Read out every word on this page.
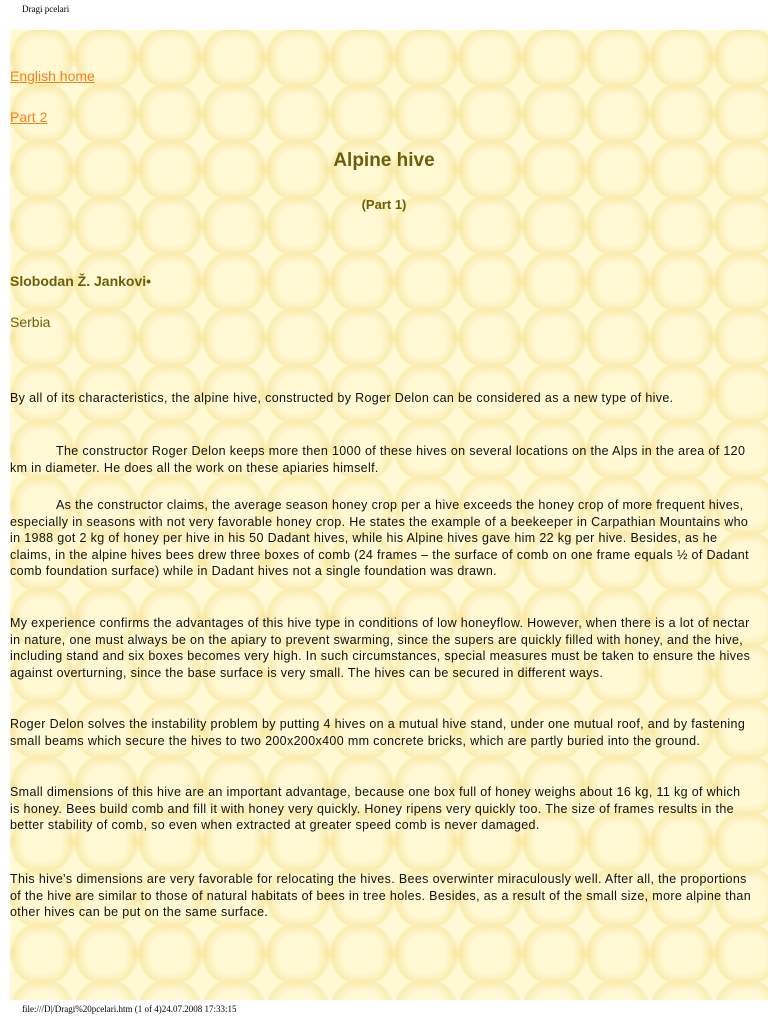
Dragi pcelari
English home
Part 2
Alpine hive
(Part 1)
Slobodan Ž. Jankovi•
Serbia

By all of its characteristics, the alpine hive, constructed by Roger Delon can be considered as a new type of hive.

The constructor Roger Delon keeps more then 1000 of these hives on several locations on the Alps in the area of 120 km in diameter. He does all the work on these apiaries himself.

As the constructor claims, the average season honey crop per a hive exceeds the honey crop of more frequent hives, especially in seasons with not very favorable honey crop. He states the example of a beekeeper in Carpathian Mountains who in 1988 got 2 kg of honey per hive in his 50 Dadant hives, while his Alpine hives gave him 22 kg per hive. Besides, as he claims, in the alpine hives bees drew three boxes of comb (24 frames – the surface of comb on one frame equals ½ of Dadant comb foundation surface) while in Dadant hives not a single foundation was drawn.

My experience confirms the advantages of this hive type in conditions of low honeyflow. However, when there is a lot of nectar in nature, one must always be on the apiary to prevent swarming, since the supers are quickly filled with honey, and the hive, including stand and six boxes becomes very high. In such circumstances, special measures must be taken to ensure the hives against overturning, since the base surface is very small. The hives can be secured in different ways.

Roger Delon solves the instability problem by putting 4 hives on a mutual hive stand, under one mutual roof, and by fastening small beams which secure the hives to two 200x200x400 mm concrete bricks, which are partly buried into the ground.

Small dimensions of this hive are an important advantage, because one box full of honey weighs about 16 kg, 11 kg of which is honey. Bees build comb and fill it with honey very quickly. Honey ripens very quickly too. The size of frames results in the better stability of comb, so even when extracted at greater speed comb is never damaged.

This hive's dimensions are very favorable for relocating the hives. Bees overwinter miraculously well. After all, the proportions of the hive are similar to those of natural habitats of bees in tree holes. Besides, as a result of the small size, more alpine than other hives can be put on the same surface.

file:///D|/Dragi%20pcelari.htm (1 of 4)24.07.2008 17:33:15
